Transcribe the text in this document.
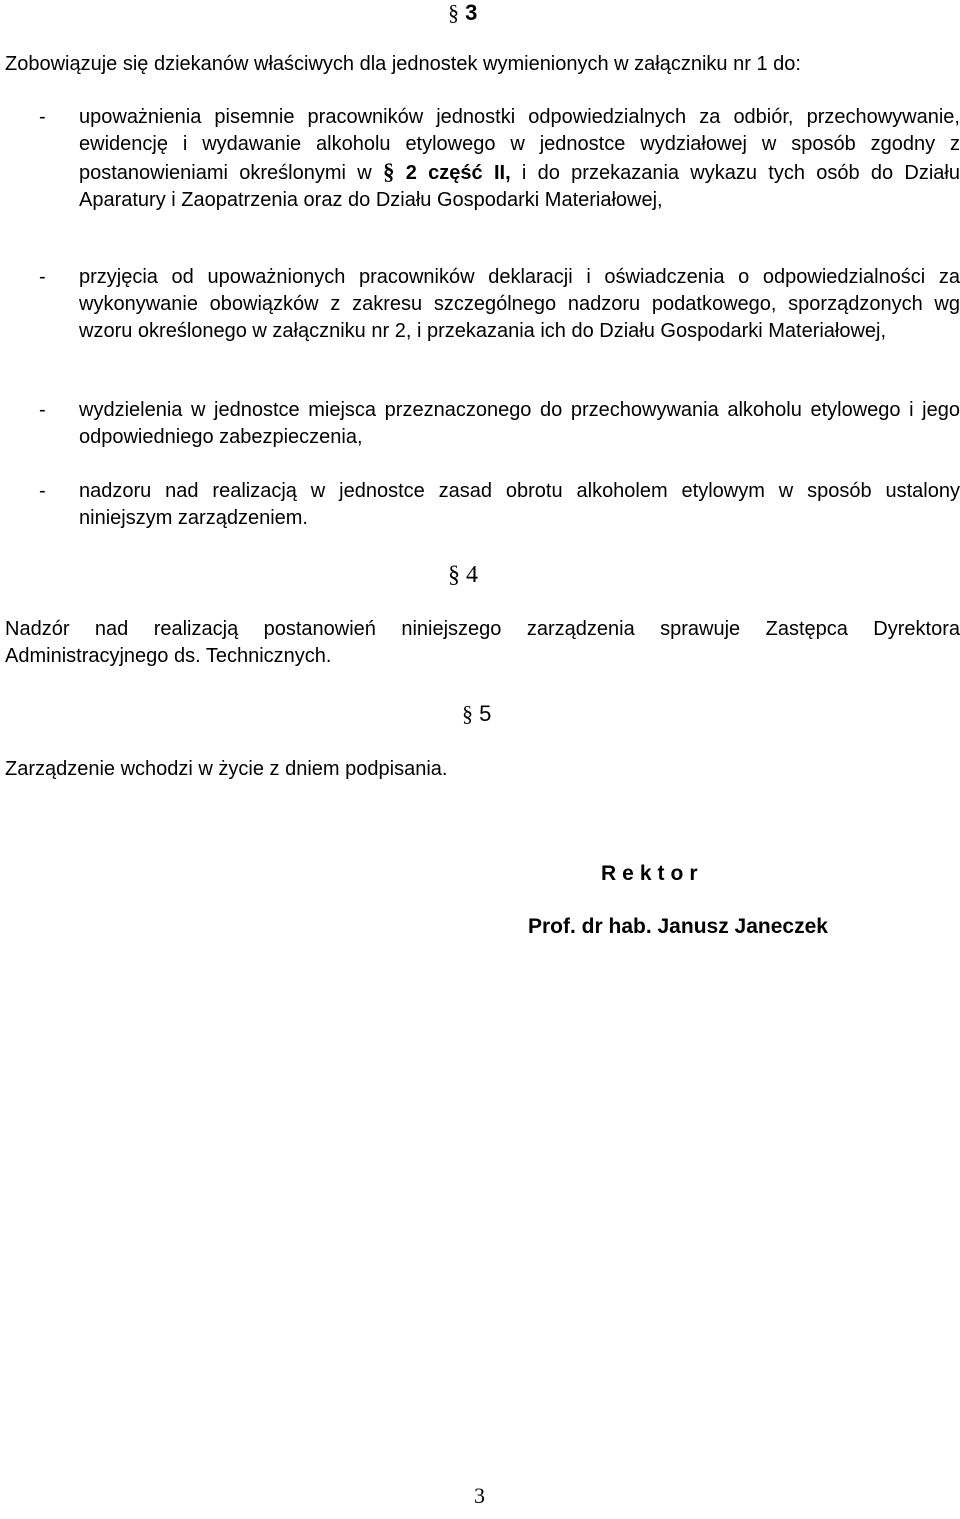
§ 3
Zobowiązuje się dziekanów właściwych dla jednostek wymienionych w załączniku nr 1 do:
- upoważnienia pisemnie pracowników jednostki odpowiedzialnych za odbiór, przechowywanie, ewidencję i wydawanie alkoholu etylowego w jednostce wydziałowej w sposób zgodny z postanowieniami określonymi w § 2 część II, i do przekazania wykazu tych osób do Działu Aparatury i Zaopatrzenia oraz do Działu Gospodarki Materiałowej,
- przyjęcia od upoważnionych pracowników deklaracji i oświadczenia o odpowiedzialności za wykonywanie obowiązków z zakresu szczególnego nadzoru podatkowego, sporządzonych wg wzoru określonego w załączniku nr 2, i przekazania ich do Działu Gospodarki Materiałowej,
- wydzielenia w jednostce miejsca przeznaczonego do przechowywania alkoholu etylowego i jego odpowiedniego zabezpieczenia,
- nadzoru nad realizacją w jednostce zasad obrotu alkoholem etylowym w sposób ustalony niniejszym zarządzeniem.
§ 4
Nadzór nad realizacją postanowień niniejszego zarządzenia sprawuje Zastępca Dyrektora Administracyjnego ds. Technicznych.
§ 5
Zarządzenie wchodzi w życie z dniem podpisania.
Rektor
Prof. dr hab. Janusz Janeczek
3
